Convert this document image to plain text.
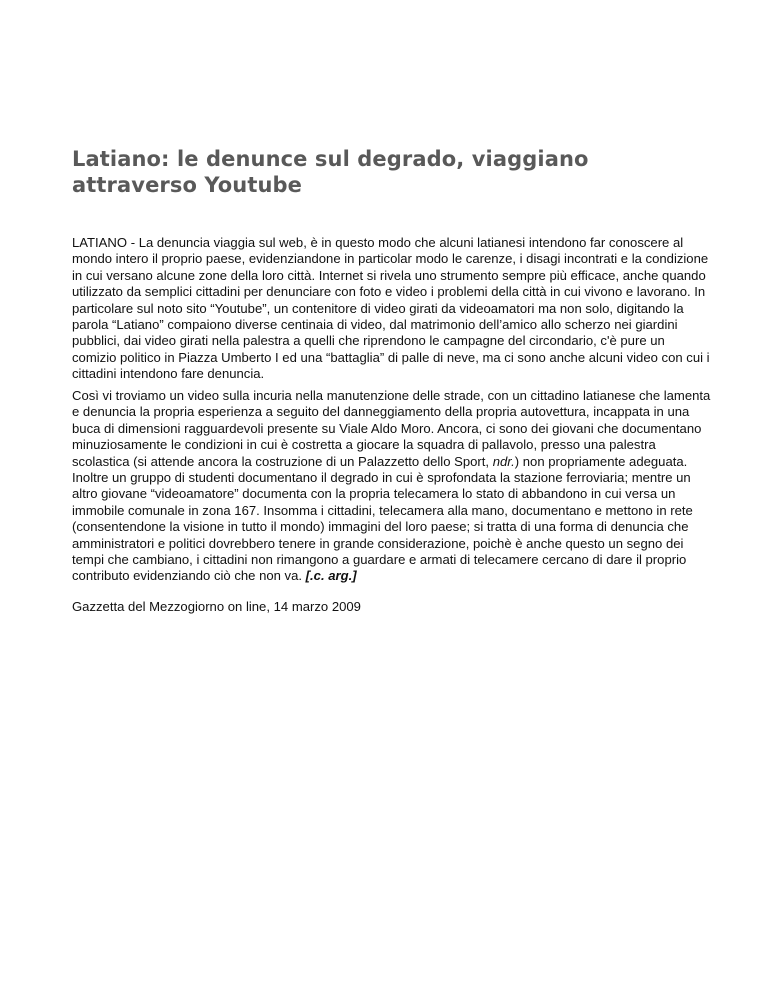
Latiano: le denunce sul degrado, viaggiano attraverso Youtube

LATIANO - La denuncia viaggia sul web, è in questo modo che alcuni latianesi intendono far conoscere al mondo intero il proprio paese, evidenziandone in particolar modo le carenze, i disagi incontrati e la condizione in cui versano alcune zone della loro città. Internet si rivela uno strumento sempre più efficace, anche quando utilizzato da semplici cittadini per denunciare con foto e video i problemi della città in cui vivono e lavorano. In particolare sul noto sito “Youtube”, un contenitore di video girati da videoamatori ma non solo, digitando la parola “Latiano” compaiono diverse centinaia di video, dal matrimonio dell’amico allo scherzo nei giardini pubblici, dai video girati nella palestra a quelli che riprendono le campagne del circondario, c'è pure un comizio politico in Piazza Umberto I ed una “battaglia” di palle di neve, ma ci sono anche alcuni video con cui i cittadini intendono fare denuncia.

Così vi troviamo un video sulla incuria nella manutenzione delle strade, con un cittadino latianese che lamenta e denuncia la propria esperienza a seguito del danneggiamento della propria autovettura, incappata in una buca di dimensioni ragguardevoli presente su Viale Aldo Moro. Ancora, ci sono dei giovani che documentano minuziosamente le condizioni in cui è costretta a giocare la squadra di pallavolo, presso una palestra scolastica (si attende ancora la costruzione di un Palazzetto dello Sport, ndr.) non propriamente adeguata. Inoltre un gruppo di studenti documentano il degrado in cui è sprofondata la stazione ferroviaria; mentre un altro giovane “videoamatore” documenta con la propria telecamera lo stato di abbandono in cui versa un immobile comunale in zona 167. Insomma i cittadini, telecamera alla mano, documentano e mettono in rete (consentendone la visione in tutto il mondo) immagini del loro paese; si tratta di una forma di denuncia che amministratori e politici dovrebbero tenere in grande considerazione, poichè è anche questo un segno dei tempi che cambiano, i cittadini non rimangono a guardare e armati di telecamere cercano di dare il proprio contributo evidenziando ciò che non va. [.c. arg.]

Gazzetta del Mezzogiorno on line, 14 marzo 2009
